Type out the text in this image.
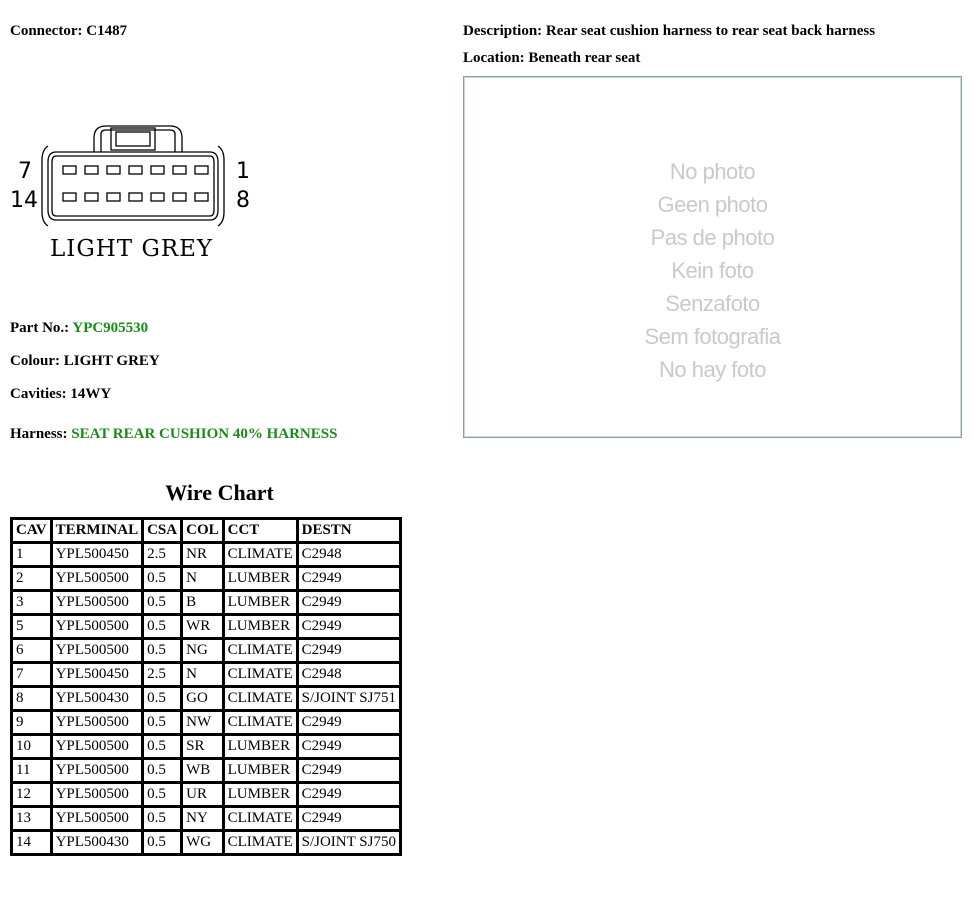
Connector: C1487	Description: Rear seat cushion harness to rear seat back harness
Location: Beneath rear seat
7
14
1
8
LIGHT GREY
Part No.: YPC905530
Colour: LIGHT GREY
Cavities: 14WY
Harness: SEAT REAR CUSHION 40% HARNESS
No photo
Geen photo
Pas de photo
Kein foto
Senzafoto
Sem fotografia
No hay foto
Wire Chart
CAV	TERMINAL	CSA	COL	CCT	DESTN
1	YPL500450	2.5	NR	CLIMATE	C2948
2	YPL500500	0.5	N	LUMBER	C2949
3	YPL500500	0.5	B	LUMBER	C2949
5	YPL500500	0.5	WR	LUMBER	C2949
6	YPL500500	0.5	NG	CLIMATE	C2949
7	YPL500450	2.5	N	CLIMATE	C2948
8	YPL500430	0.5	GO	CLIMATE	S/JOINT SJ751
9	YPL500500	0.5	NW	CLIMATE	C2949
10	YPL500500	0.5	SR	LUMBER	C2949
11	YPL500500	0.5	WB	LUMBER	C2949
12	YPL500500	0.5	UR	LUMBER	C2949
13	YPL500500	0.5	NY	CLIMATE	C2949
14	YPL500430	0.5	WG	CLIMATE	S/JOINT SJ750
